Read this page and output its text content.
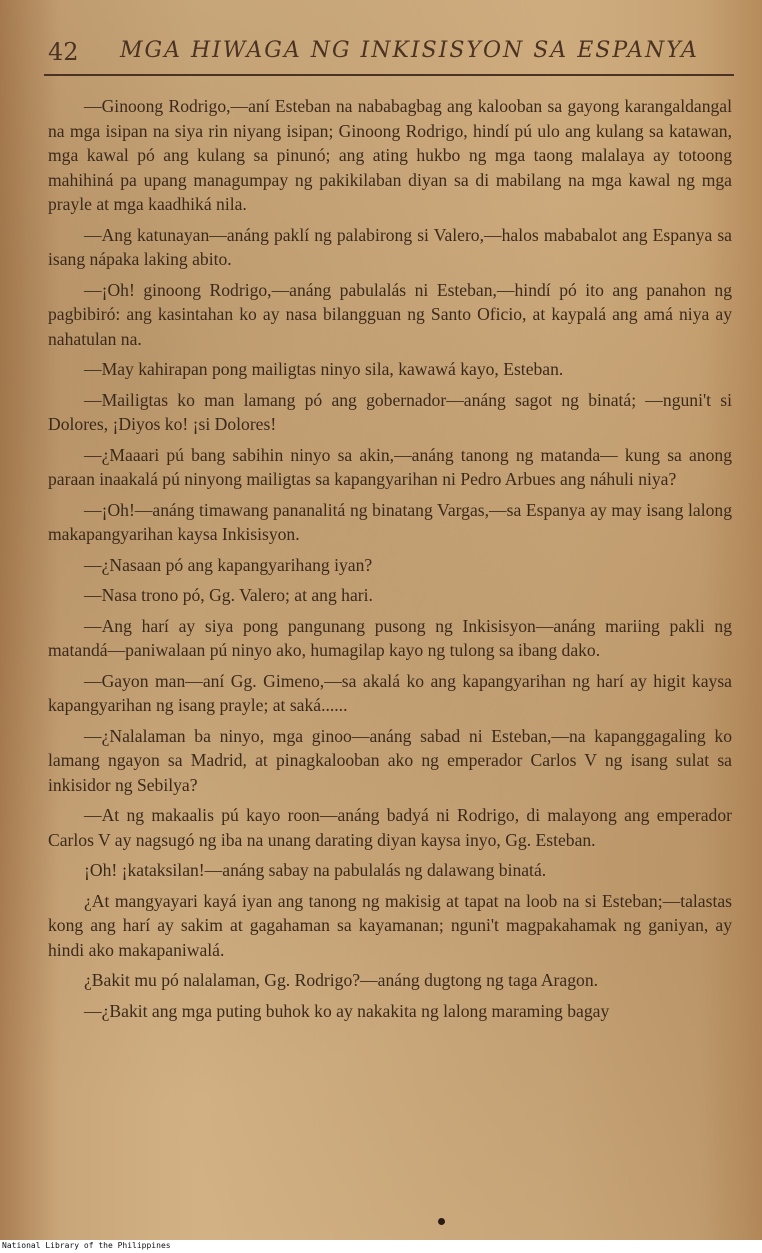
42 MGA HIWAGA NG INKISISYON SA ESPANYA

—Ginoong Rodrigo,—aní Esteban na nababagbag ang kalooban sa gayong karangaldangal na mga isipan na siya rin niyang isipan; Ginoong Rodrigo, hindí pú ulo ang kulang sa katawan, mga kawal pó ang kulang sa pinunó; ang ating hukbo ng mga taong malalaya ay totoong mahihiná pa upang managumpay ng pakikilaban diyan sa di mabilang na mga kawal ng mga prayle at mga kaadhiká nila.

—Ang katunayan—anáng paklí ng palabirong si Valero,—halos mababalot ang Espanya sa isang nápaka laking abito.

—¡Oh! ginoong Rodrigo,—anáng pabulalás ni Esteban,—hindí pó ito ang panahon ng pagbibiró: ang kasintahan ko ay nasa bilangguan ng Santo Oficio, at kaypalá ang amá niya ay nahatulan na.

—May kahirapan pong mailigtas ninyo sila, kawawá kayo, Esteban.

—Mailigtas ko man lamang pó ang gobernador—anáng sagot ng binatá; —nguni't si Dolores, ¡Diyos ko! ¡si Dolores!

—¿Maaari pú bang sabihin ninyo sa akin,—anáng tanong ng matanda— kung sa anong paraan inaakalá pú ninyong mailigtas sa kapangyarihan ni Pedro Arbues ang náhuli niya?

—¡Oh!—anáng timawang pananalitá ng binatang Vargas,—sa Espanya ay may isang lalong makapangyarihan kaysa Inkisisyon.

—¿Nasaan pó ang kapangyarihang iyan?

—Nasa trono pó, Gg. Valero; at ang hari.

—Ang harí ay siya pong pangunang pusong ng Inkisisyon—anáng mariing pakli ng matandá—paniwalaan pú ninyo ako, humagilap kayo ng tulong sa ibang dako.

—Gayon man—aní Gg. Gimeno,—sa akalá ko ang kapangyarihan ng harí ay higit kaysa kapangyarihan ng isang prayle; at saká......

—¿Nalalaman ba ninyo, mga ginoo—anáng sabad ni Esteban,—na kapanggagaling ko lamang ngayon sa Madrid, at pinagkalooban ako ng emperador Carlos V ng isang sulat sa inkisidor ng Sebilya?

—At ng makaalis pú kayo roon—anáng badyá ni Rodrigo, di malayong ang emperador Carlos V ay nagsugó ng iba na unang darating diyan kaysa inyo, Gg. Esteban.

¡Oh! ¡kataksilan!—anáng sabay na pabulalás ng dalawang binatá.

¿At mangyayari kayá iyan ang tanong ng makisig at tapat na loob na si Esteban;—talastas kong ang harí ay sakim at gagahaman sa kayamanan; nguni't magpakahamak ng ganiyan, ay hindi ako makapaniwalá.

¿Bakit mu pó nalalaman, Gg. Rodrigo?—anáng dugtong ng taga Aragon.

—¿Bakit ang mga puting buhok ko ay nakakita ng lalong maraming bagay

National Library of the Philippines
